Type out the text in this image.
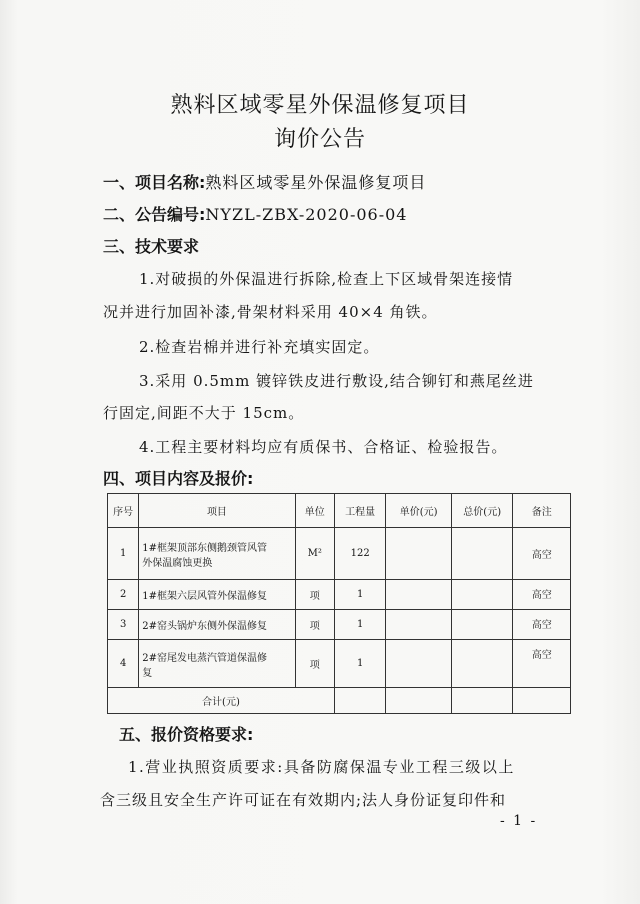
熟料区域零星外保温修复项目
询价公告
一、项目名称:熟料区域零星外保温修复项目
二、公告编号:NYZL-ZBX-2020-06-04
三、技术要求
1.对破损的外保温进行拆除,检查上下区域骨架连接情
况并进行加固补漆,骨架材料采用 40×4 角铁。
2.检查岩棉并进行补充填实固定。
3.采用 0.5mm 镀锌铁皮进行敷设,结合铆钉和燕尾丝进
行固定,间距不大于 15cm。
4.工程主要材料均应有质保书、合格证、检验报告。
四、项目内容及报价:
序号	项目	单位	工程量	单价(元)	总价(元)	备注
1	1#框架顶部东侧鹅颈管风管
外保温腐蚀更换	M²	122			高空
2	1#框架六层风管外保温修复	项	1			高空
3	2#窑头锅炉东侧外保温修复	项	1			高空
4	2#窑尾发电蒸汽管道保温修
复	项	1			高空
合计(元)						
五、报价资格要求:
1.营业执照资质要求:具备防腐保温专业工程三级以上
含三级且安全生产许可证在有效期内;法人身份证复印件和
- 1 -
